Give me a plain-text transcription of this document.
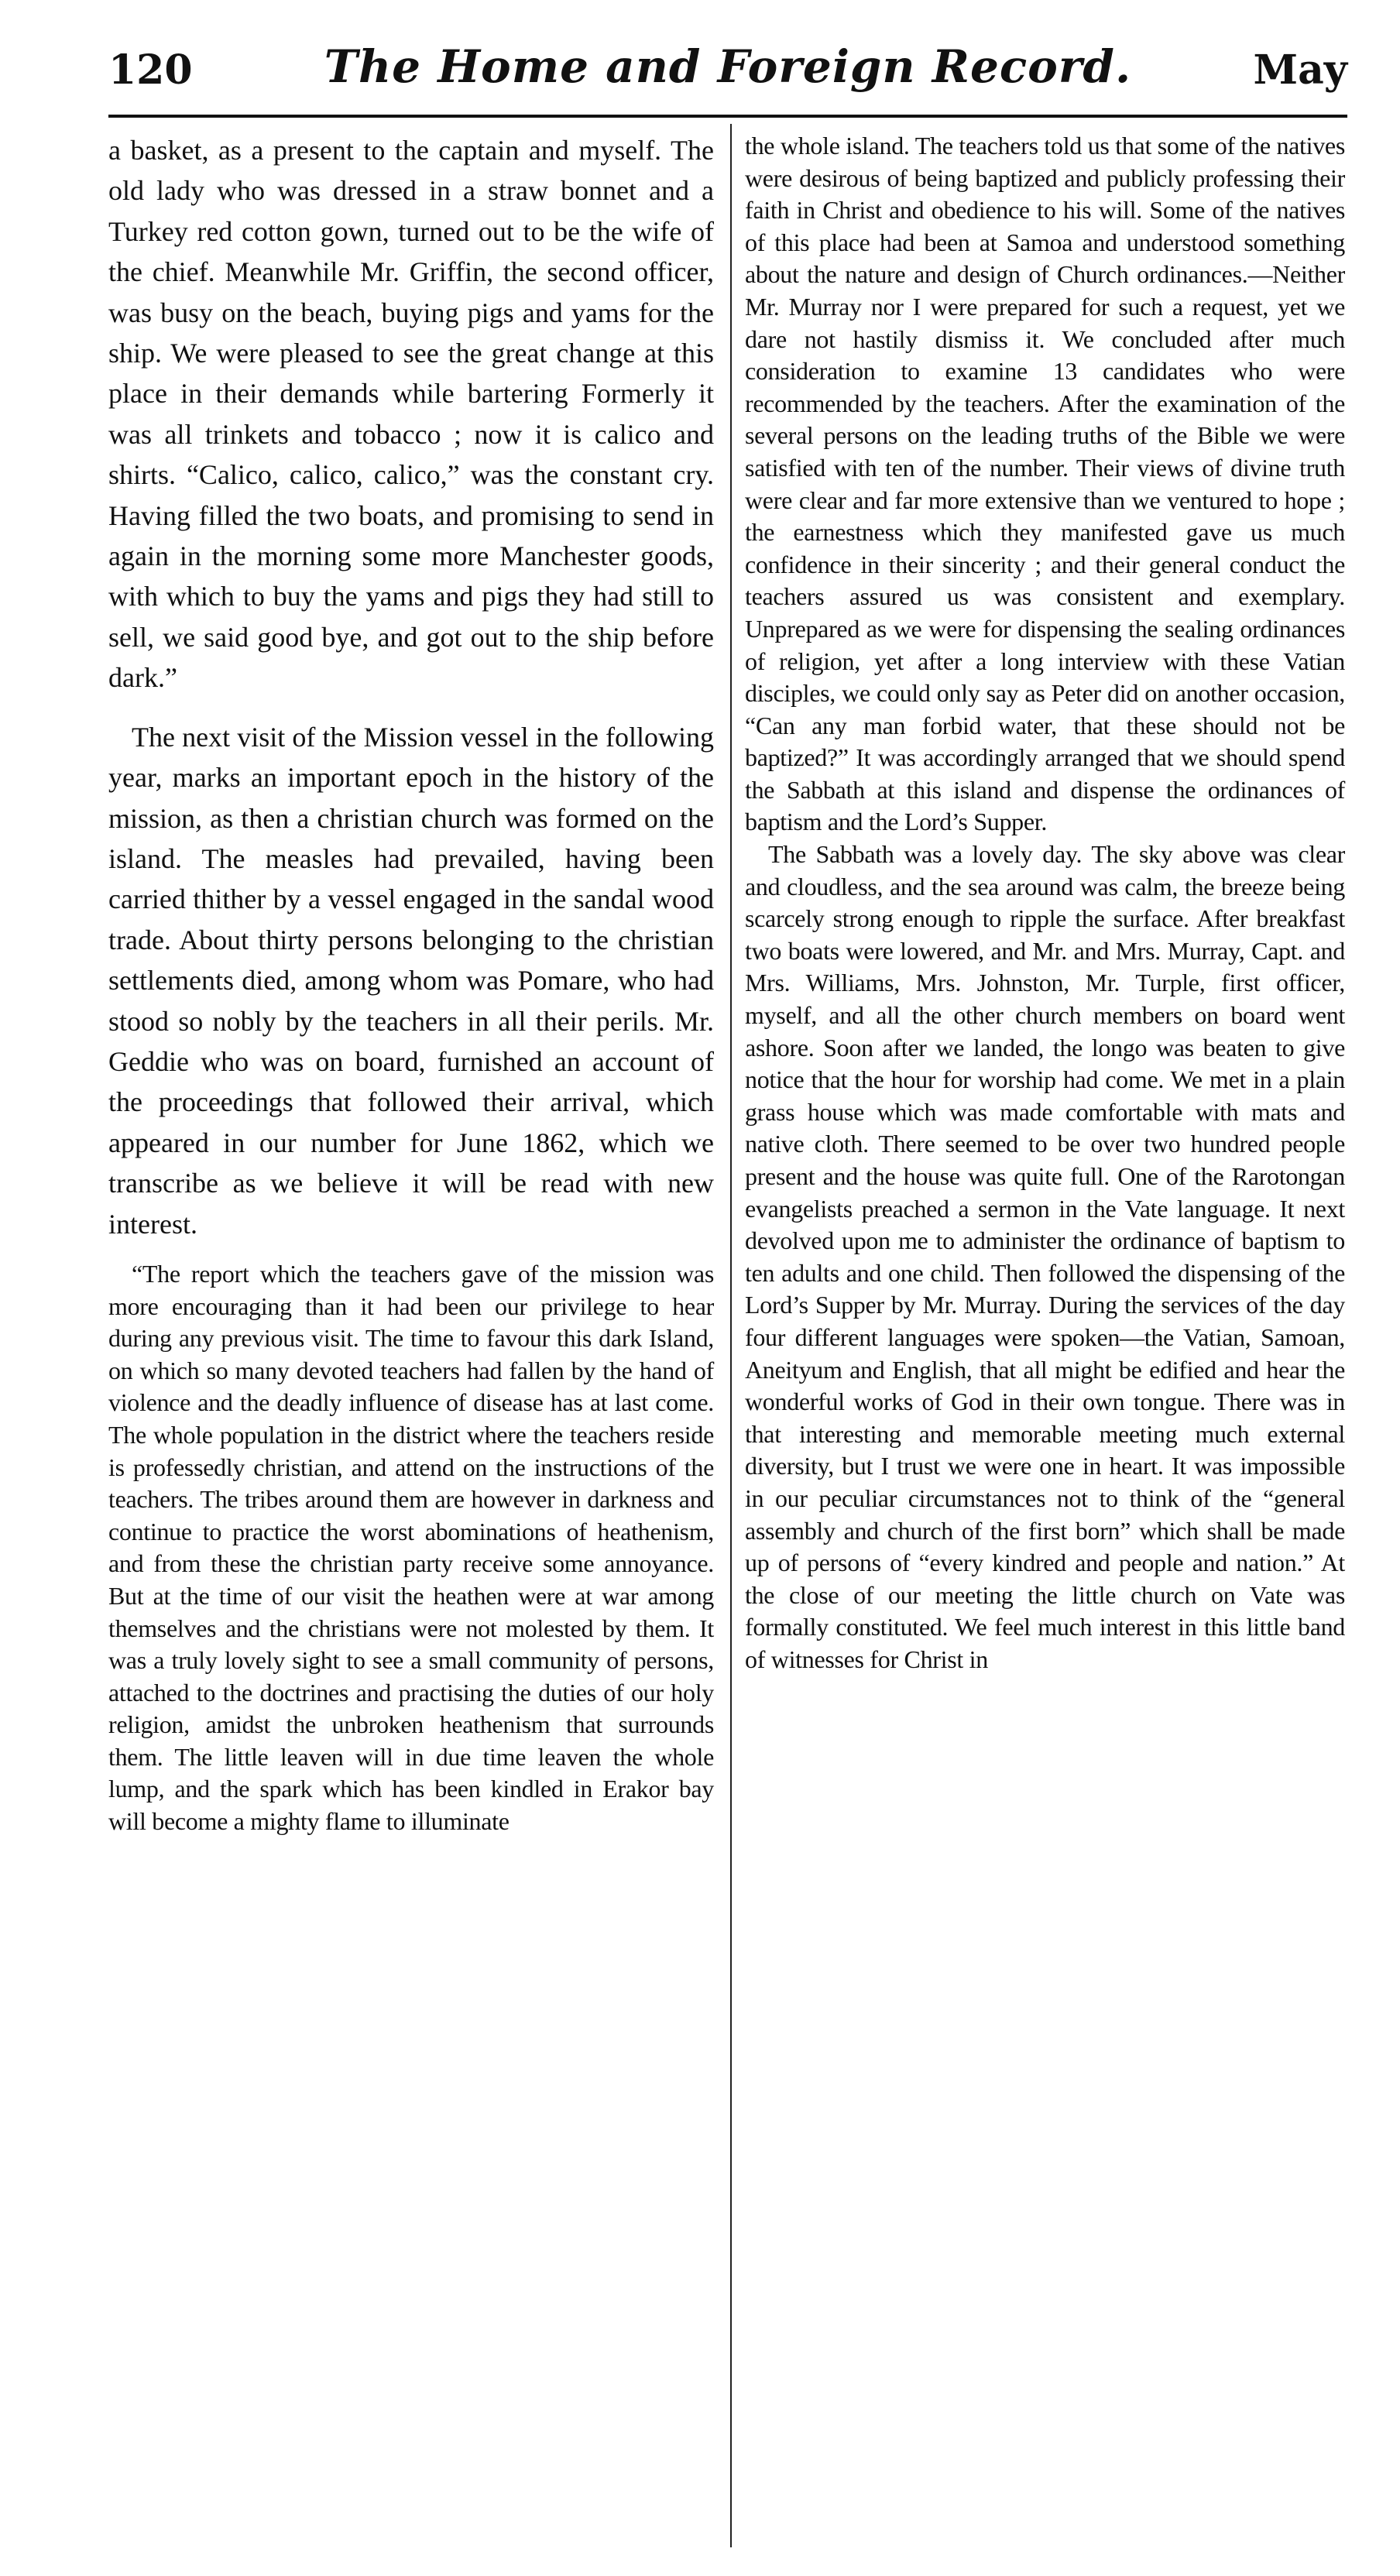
120	The Home and Foreign Record.	May

a basket, as a present to the captain and myself. The old lady who was dressed in a straw bonnet and a Turkey red cotton gown, turned out to be the wife of the chief. Meanwhile Mr. Griffin, the second officer, was busy on the beach, buying pigs and yams for the ship. We were pleased to see the great change at this place in their demands while bartering Formerly it was all trinkets and tobacco ; now it is calico and shirts. “Calico, calico, calico,” was the constant cry. Having filled the two boats, and promising to send in again in the morning some more Manchester goods, with which to buy the yams and pigs they had still to sell, we said good bye, and got out to the ship before dark.”

The next visit of the Mission vessel in the following year, marks an important epoch in the history of the mission, as then a christian church was formed on the island. The measles had prevailed, having been carried thither by a vessel engaged in the sandal wood trade. About thirty persons belonging to the christian settlements died, among whom was Pomare, who had stood so nobly by the teachers in all their perils. Mr. Geddie who was on board, furnished an account of the proceedings that followed their arrival, which appeared in our number for June 1862, which we transcribe as we believe it will be read with new interest.

“The report which the teachers gave of the mission was more encouraging than it had been our privilege to hear during any previous visit. The time to favour this dark Island, on which so many devoted teachers had fallen by the hand of violence and the deadly influence of disease has at last come. The whole population in the district where the teachers reside is professedly christian, and attend on the instructions of the teachers. The tribes around them are however in darkness and continue to practice the worst abominations of heathenism, and from these the christian party receive some annoyance. But at the time of our visit the heathen were at war among themselves and the christians were not molested by them. It was a truly lovely sight to see a small community of persons, attached to the doctrines and practising the duties of our holy religion, amidst the unbroken heathenism that surrounds them. The little leaven will in due time leaven the whole lump, and the spark which has been kindled in Erakor bay will become a mighty flame to illuminate

the whole island. The teachers told us that some of the natives were desirous of being baptized and publicly professing their faith in Christ and obedience to his will. Some of the natives of this place had been at Samoa and understood something about the nature and design of Church ordinances.—Neither Mr. Murray nor I were prepared for such a request, yet we dare not hastily dismiss it. We concluded after much consideration to examine 13 candidates who were recommended by the teachers. After the examination of the several persons on the leading truths of the Bible we were satisfied with ten of the number. Their views of divine truth were clear and far more extensive than we ventured to hope ; the earnestness which they manifested gave us much confidence in their sincerity ; and their general conduct the teachers assured us was consistent and exemplary. Unprepared as we were for dispensing the sealing ordinances of religion, yet after a long interview with these Vatian disciples, we could only say as Peter did on another occasion, “Can any man forbid water, that these should not be baptized?” It was accordingly arranged that we should spend the Sabbath at this island and dispense the ordinances of baptism and the Lord’s Supper.

The Sabbath was a lovely day. The sky above was clear and cloudless, and the sea around was calm, the breeze being scarcely strong enough to ripple the surface. After breakfast two boats were lowered, and Mr. and Mrs. Murray, Capt. and Mrs. Williams, Mrs. Johnston, Mr. Turple, first officer, myself, and all the other church members on board went ashore. Soon after we landed, the longo was beaten to give notice that the hour for worship had come. We met in a plain grass house which was made comfortable with mats and native cloth. There seemed to be over two hundred people present and the house was quite full. One of the Rarotongan evangelists preached a sermon in the Vate language. It next devolved upon me to administer the ordinance of baptism to ten adults and one child. Then followed the dispensing of the Lord’s Supper by Mr. Murray. During the services of the day four different languages were spoken—the Vatian, Samoan, Aneityum and English, that all might be edified and hear the wonderful works of God in their own tongue. There was in that interesting and memorable meeting much external diversity, but I trust we were one in heart. It was impossible in our peculiar circumstances not to think of the “general assembly and church of the first born” which shall be made up of persons of “every kindred and people and nation.” At the close of our meeting the little church on Vate was formally constituted. We feel much interest in this little band of witnesses for Christ in
